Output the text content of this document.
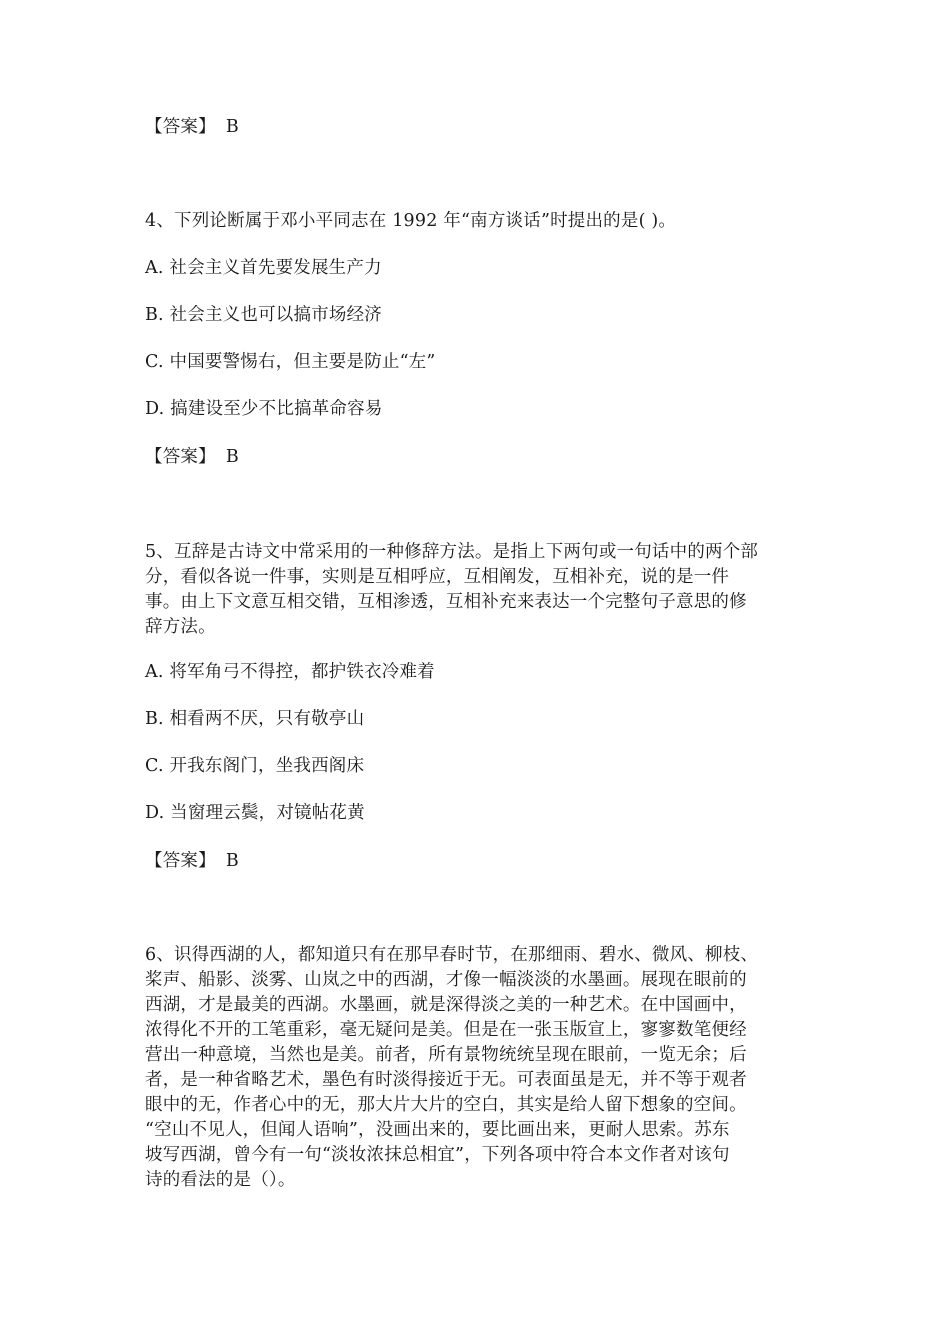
【答案】 B
4、下列论断属于邓小平同志在 1992 年“南方谈话”时提出的是( )。
A. 社会主义首先要发展生产力
B. 社会主义也可以搞市场经济
C. 中国要警惕右，但主要是防止“左”
D. 搞建设至少不比搞革命容易
【答案】 B
5、互辞是古诗文中常采用的一种修辞方法。是指上下两句或一句话中的两个部
分，看似各说一件事，实则是互相呼应，互相阐发，互相补充，说的是一件
事。由上下文意互相交错，互相渗透，互相补充来表达一个完整句子意思的修
辞方法。
A. 将军角弓不得控，都护铁衣冷难着
B. 相看两不厌，只有敬亭山
C. 开我东阁门，坐我西阁床
D. 当窗理云鬓，对镜帖花黄
【答案】 B
6、识得西湖的人，都知道只有在那早春时节，在那细雨、碧水、微风、柳枝、
桨声、船影、淡雾、山岚之中的西湖，才像一幅淡淡的水墨画。展现在眼前的
西湖，才是最美的西湖。水墨画，就是深得淡之美的一种艺术。在中国画中，
浓得化不开的工笔重彩，毫无疑问是美。但是在一张玉版宣上，寥寥数笔便经
营出一种意境，当然也是美。前者，所有景物统统呈现在眼前，一览无余；后
者，是一种省略艺术，墨色有时淡得接近于无。可表面虽是无，并不等于观者
眼中的无，作者心中的无，那大片大片的空白，其实是给人留下想象的空间。
“空山不见人，但闻人语响”，没画出来的，要比画出来，更耐人思索。苏东
坡写西湖，曾今有一句“淡妆浓抹总相宜”，下列各项中符合本文作者对该句
诗的看法的是（）。
